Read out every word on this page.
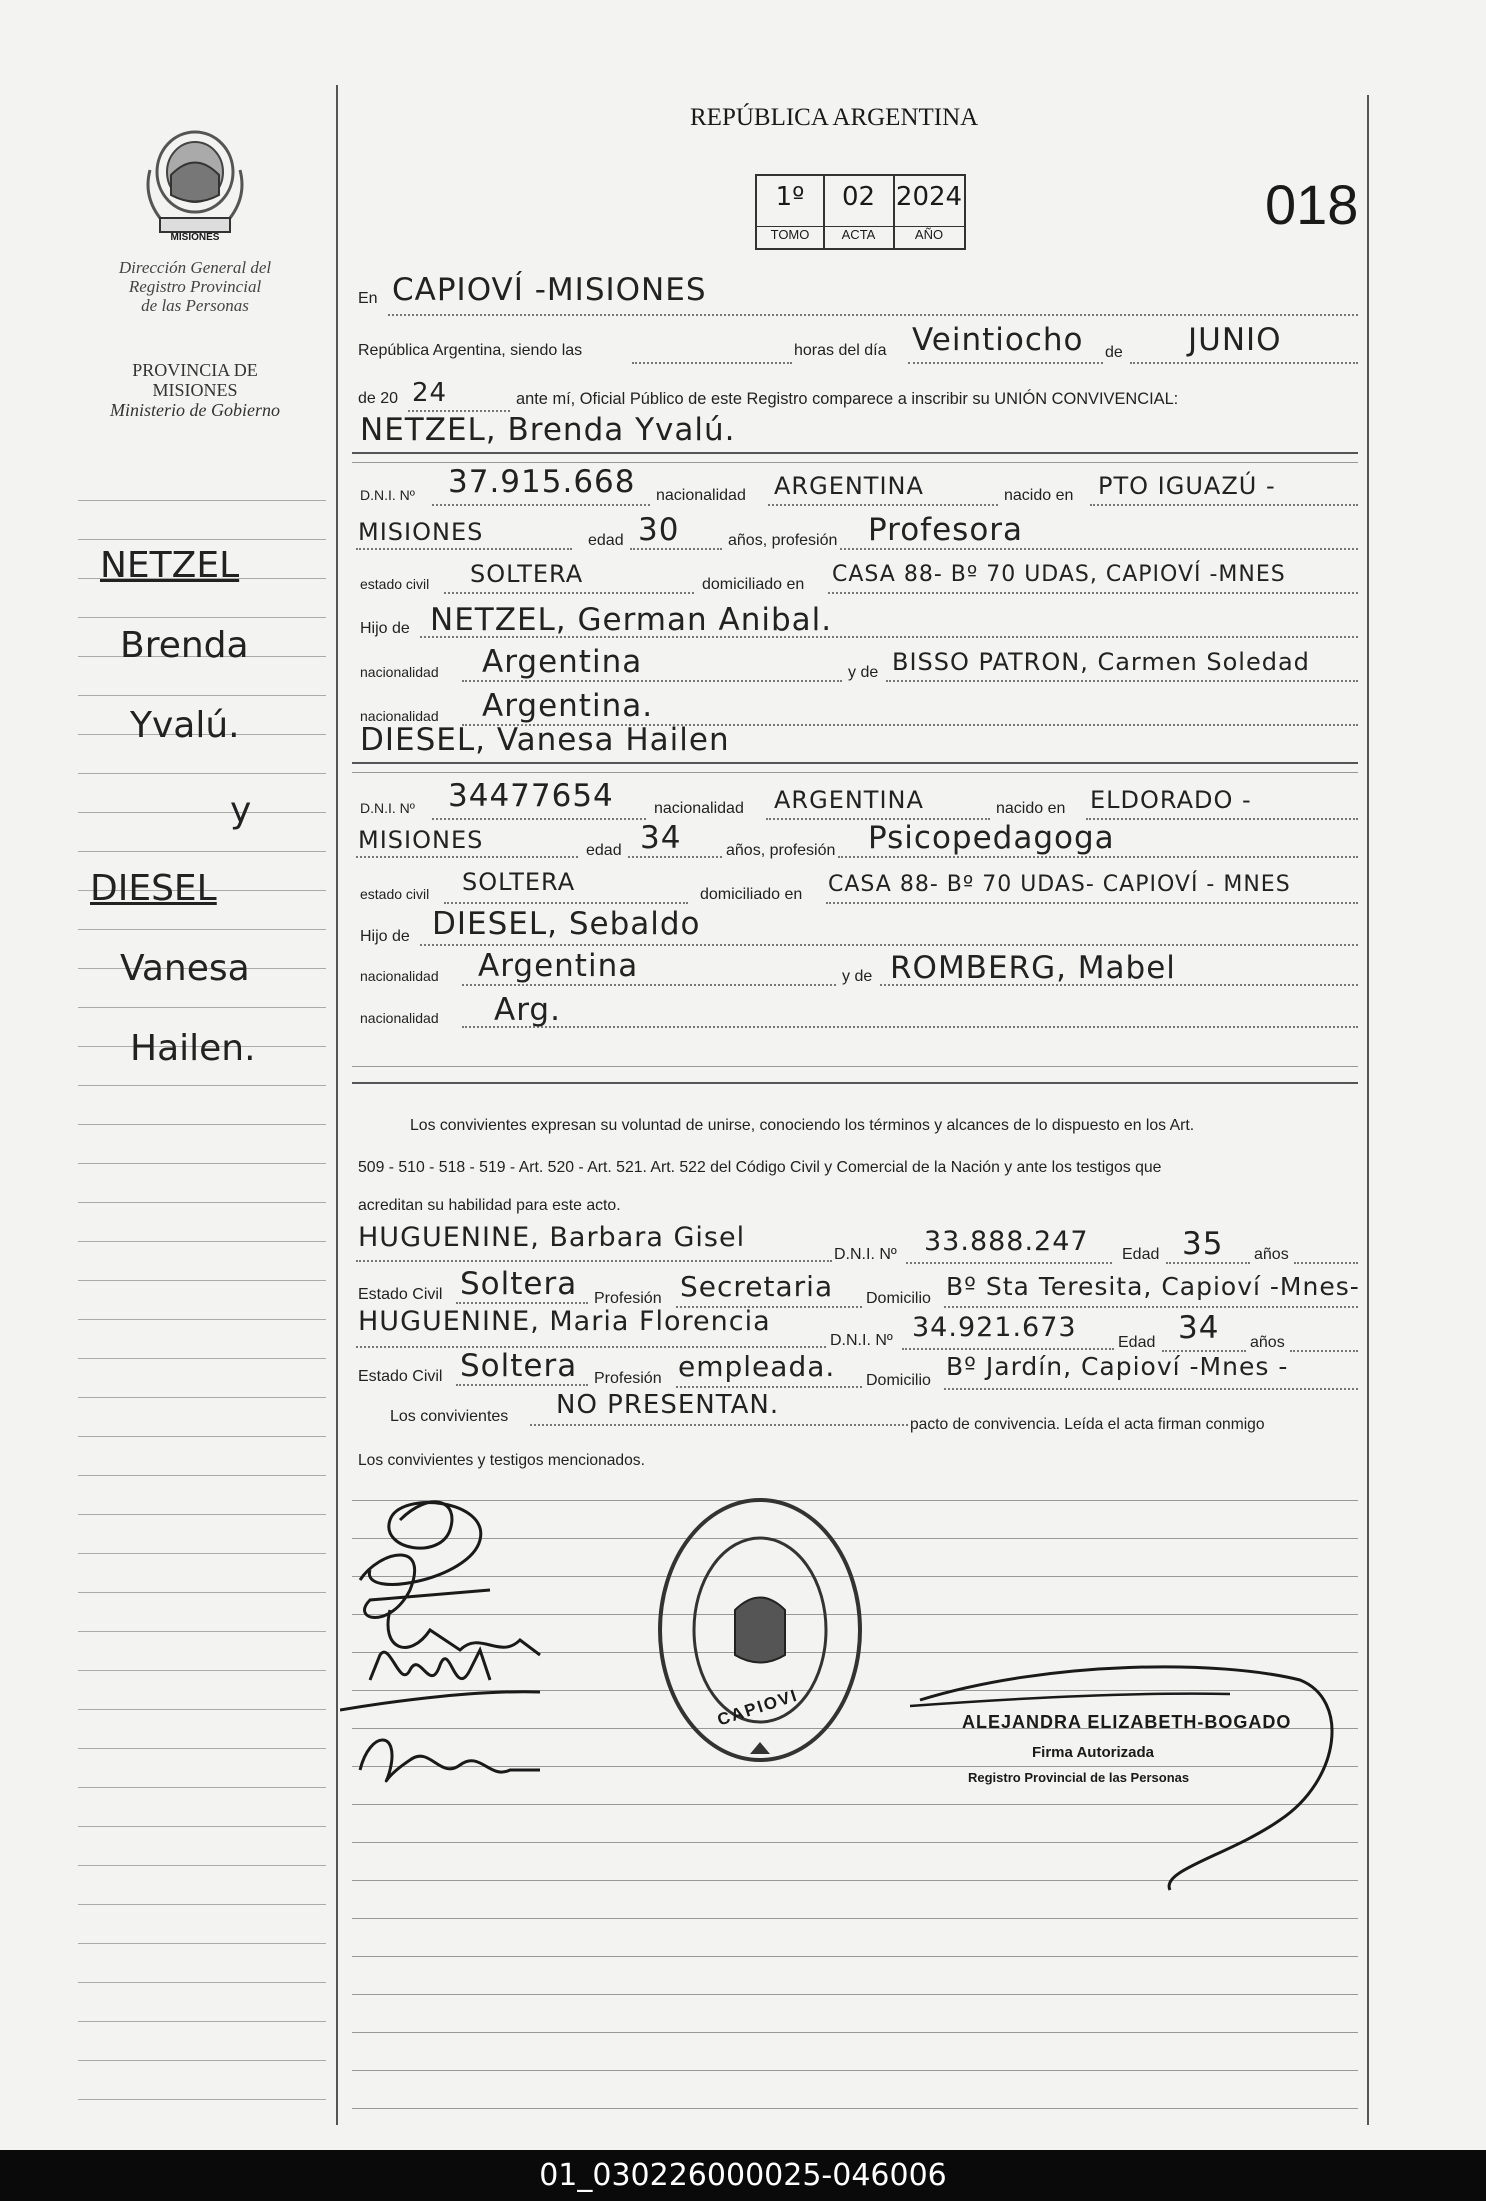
MISIONES
Dirección General del
Registro Provincial
de las Personas
PROVINCIA DE
MISIONES
Ministerio de Gobierno
NETZEL
Brenda
Yvalú.
y
DIESEL
Vanesa
Hailen.
REPÚBLICA ARGENTINA
018
1º	02 2024
TOMO	ACTA	AÑO
En CAPIOVÍ -MISIONES
República Argentina, siendo las	horas del día Veintiocho de JUNIO
de 20 24	ante mí, Oficial Público de este Registro comparece a inscribir su UNIÓN CONVIVENCIAL:
NETZEL, Brenda Yvalú.
D.N.I. Nº 37.915.668 nacionalidad ARGENTINA	nacido en PTO IGUAZÚ -
MISIONES	edad 30	años, profesión Profesora
estado civil SOLTERA	domiciliado en CASA 88- Bº 70 UDAS, CAPIOVÍ -MNES
Hijo de NETZEL, German Anibal.
nacionalidad Argentina	y de BISSO PATRON, Carmen Soledad
nacionalidad Argentina.
DIESEL, Vanesa Hailen
D.N.I. Nº 34477654	nacionalidad ARGENTINA	nacido en ELDORADO -
MISIONES	edad 34	años, profesión Psicopedagoga
estado civil SOLTERA	domiciliado en CASA 88- Bº 70 UDAS- CAPIOVÍ - MNES
Hijo de DIESEL, Sebaldo
nacionalidad Argentina	y de ROMBERG, Mabel
nacionalidad Arg.
Los convivientes expresan su voluntad de unirse, conociendo los términos y alcances de lo dispuesto en los Art.
509 - 510 - 518 - 519 - Art. 520 - Art. 521. Art. 522 del Código Civil y Comercial de la Nación y ante los testigos que
acreditan su habilidad para este acto.
HUGUENINE, Barbara Gisel
D.N.I. Nº 33.888.247 Edad 35 años
Estado Civil Soltera Profesión Secretaria Domicilio Bº Sta Teresita, Capioví -Mnes-
HUGUENINE, Maria Florencia
D.N.I. Nº 34.921.673	Edad 34 años
Estado Civil Soltera Profesión empleada. Domicilio Bº Jardín, Capioví -Mnes -
Los convivientes NO PRESENTAN.
pacto de convivencia. Leída el acta firman conmigo
Los convivientes y testigos mencionados.
CAPIOVI	ALEJANDRA ELIZABETH-BOGADO
Firma Autorizada
Registro Provincial de las Personas
01_030226000025-046006
